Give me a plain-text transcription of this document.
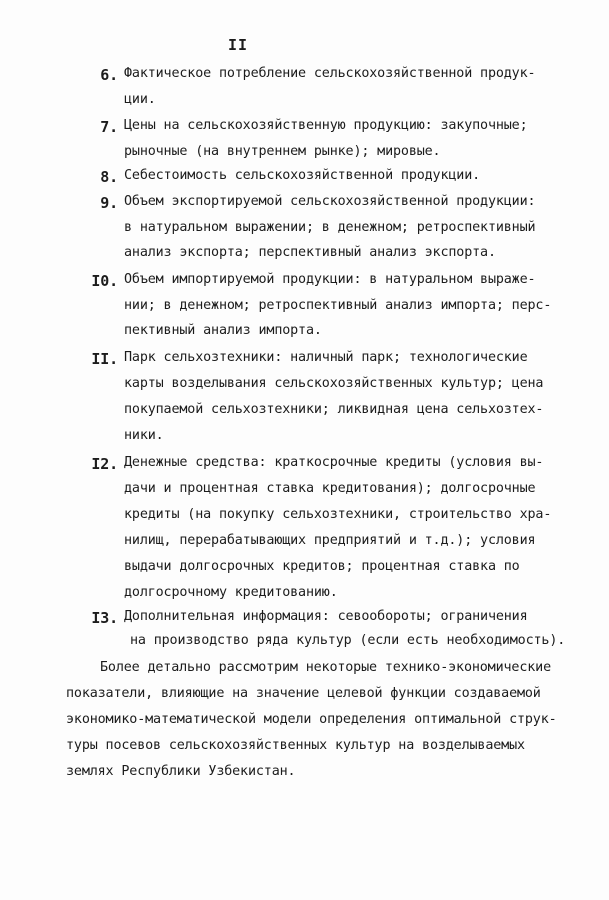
II
6. Фактическое потребление сельскохозяйственной продук-
ции.
7. Цены на сельскохозяйственную продукцию: закупочные;
рыночные (на внутреннем рынке); мировые.
8. Себестоимость сельскохозяйственной продукции.
9. Объем экспортируемой сельскохозяйственной продукции:
в натуральном выражении; в денежном; ретроспективный
анализ экспорта; перспективный анализ экспорта.
I0. Объем импортируемой продукции: в натуральном выраже-
нии; в денежном; ретроспективный анализ импорта; перс-
пективный анализ импорта.
II. Парк сельхозтехники: наличный парк; технологические
карты возделывания сельскохозяйственных культур; цена
покупаемой сельхозтехники; ликвидная цена сельхозтех-
ники.
I2. Денежные средства: краткосрочные кредиты (условия вы-
дачи и процентная ставка кредитования); долгосрочные
кредиты (на покупку сельхозтехники, строительство хра-
нилищ, перерабатывающих предприятий и т.д.); условия
выдачи долгосрочных кредитов; процентная ставка по
долгосрочному кредитованию.
I3. Дополнительная информация: севообороты; ограничения
на производство ряда культур (если есть необходимость).
Более детально рассмотрим некоторые технико-экономические
показатели, влияющие на значение целевой функции создаваемой
экономико-математической модели определения оптимальной струк-
туры посевов сельскохозяйственных культур на возделываемых
землях Республики Узбекистан.
